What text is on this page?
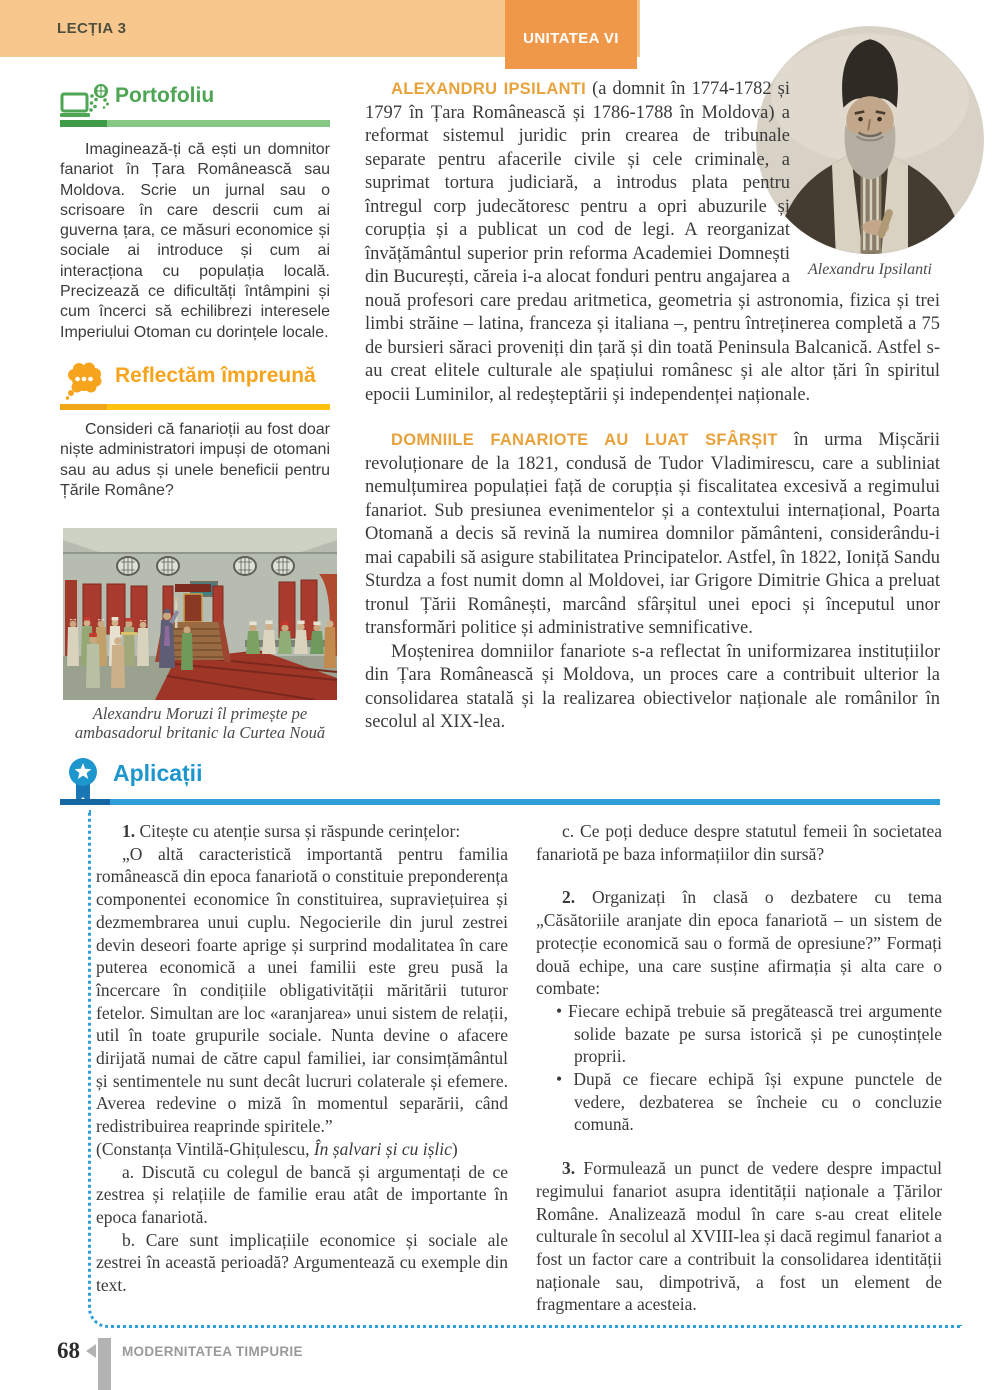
LECȚIA 3
UNITATEA VI
Alexandru Ipsilanti

ALEXANDRU IPSILANTI (a domnit în 1774-1782 și 1797 în Țara Românească și 1786-1788 în Moldova) a reformat sistemul juridic prin crearea de tribunale separate pentru afacerile civile și cele criminale, a suprimat tortura judiciară, a introdus plata pentru întregul corp judecătoresc pentru a opri abuzurile și corupția și a publicat un cod de legi. A reorganizat învățământul superior prin reforma Academiei Domnești din București, căreia i-a alocat fonduri pentru angajarea a nouă profesori care predau aritmetica, geometria și astronomia, fizica și trei limbi străine – latina, franceza și italiana –, pentru întreținerea completă a 75 de bursieri săraci proveniți din țară și din toată Peninsula Balcanică. Astfel s-au creat elitele culturale ale spațiului românesc și ale altor țări în spiritul epocii Luminilor, al redeșteptării și independenței naționale.

DOMNIILE FANARIOTE AU LUAT SFÂRȘIT în urma Mișcării revoluționare de la 1821, condusă de Tudor Vladimirescu, care a subliniat nemulțumirea populației față de corupția și fiscalitatea excesivă a regimului fanariot. Sub presiunea evenimentelor și a contextului internațional, Poarta Otomană a decis să revină la numirea domnilor pământeni, considerându-i mai capabili să asigure stabilitatea Principatelor. Astfel, în 1822, Ioniță Sandu Sturdza a fost numit domn al Moldovei, iar Grigore Dimitrie Ghica a preluat tronul Țării Românești, marcând sfârșitul unei epoci și începutul unor transformări politice și administrative semnificative.

Moștenirea domniilor fanariote s-a reflectat în uniformizarea instituțiilor din Țara Românească și Moldova, un proces care a contribuit ulterior la consolidarea statală și la realizarea obiectivelor naționale ale românilor în secolul al XIX-lea.

Portofoliu

Imaginează-ți că ești un domnitor fanariot în Țara Românească sau Moldova. Scrie un jurnal sau o scrisoare în care descrii cum ai guverna țara, ce măsuri economice și sociale ai introduce și cum ai interacționa cu populația locală. Precizează ce dificultăți întâmpini și cum încerci să echilibrezi interesele Imperiului Otoman cu dorințele locale.

Reflectăm împreună

Consideri că fanarioții au fost doar niște administratori impuși de otomani sau au adus și unele beneficii pentru Țările Române?

Alexandru Moruzi îl primește pe ambasadorul britanic la Curtea Nouă
Aplicații

1. Citește cu atenție sursa și răspunde cerințelor:

„O altă caracteristică importantă pentru familia românească din epoca fanariotă o constituie preponderența componentei economice în constituirea, supraviețuirea și dezmembrarea unui cuplu. Negocierile din jurul zestrei devin deseori foarte aprige și surprind modalitatea în care puterea economică a unei familii este greu pusă la încercare în condițiile obligativității măritării tuturor fetelor. Simultan are loc «aranjarea» unui sistem de relații, util în toate grupurile sociale. Nunta devine o afacere dirijată numai de către capul familiei, iar consimțământul și sentimentele nu sunt decât lucruri colaterale și efemere. Averea redevine o miză în momentul separării, când redistribuirea reaprinde spiritele.”

(Constanța Vintilă-Ghițulescu, În șalvari și cu ișlic)

a. Discută cu colegul de bancă și argumentați de ce zestrea și relațiile de familie erau atât de importante în epoca fanariotă.

b. Care sunt implicațiile economice și sociale ale zestrei în această perioadă? Argumentează cu exemple din text.

c. Ce poți deduce despre statutul femeii în societatea fanariotă pe baza informațiilor din sursă?

2. Organizați în clasă o dezbatere cu tema „Căsătoriile aranjate din epoca fanariotă – un sistem de protecție economică sau o formă de opresiune?” Formați două echipe, una care susține afirmația și alta care o combate:

• Fiecare echipă trebuie să pregătească trei argumente solide bazate pe sursa istorică și pe cunoștințele proprii.
• După ce fiecare echipă își expune punctele de vedere, dezbaterea se încheie cu o concluzie comună.

3. Formulează un punct de vedere despre impactul regimului fanariot asupra identității naționale a Țărilor Române. Analizează modul în care s-au creat elitele culturale în secolul al XVIII-lea și dacă regimul fanariot a fost un factor care a contribuit la consolidarea identității naționale sau, dimpotrivă, a fost un element de fragmentare a acesteia.

68	MODERNITATEA TIMPURIE
